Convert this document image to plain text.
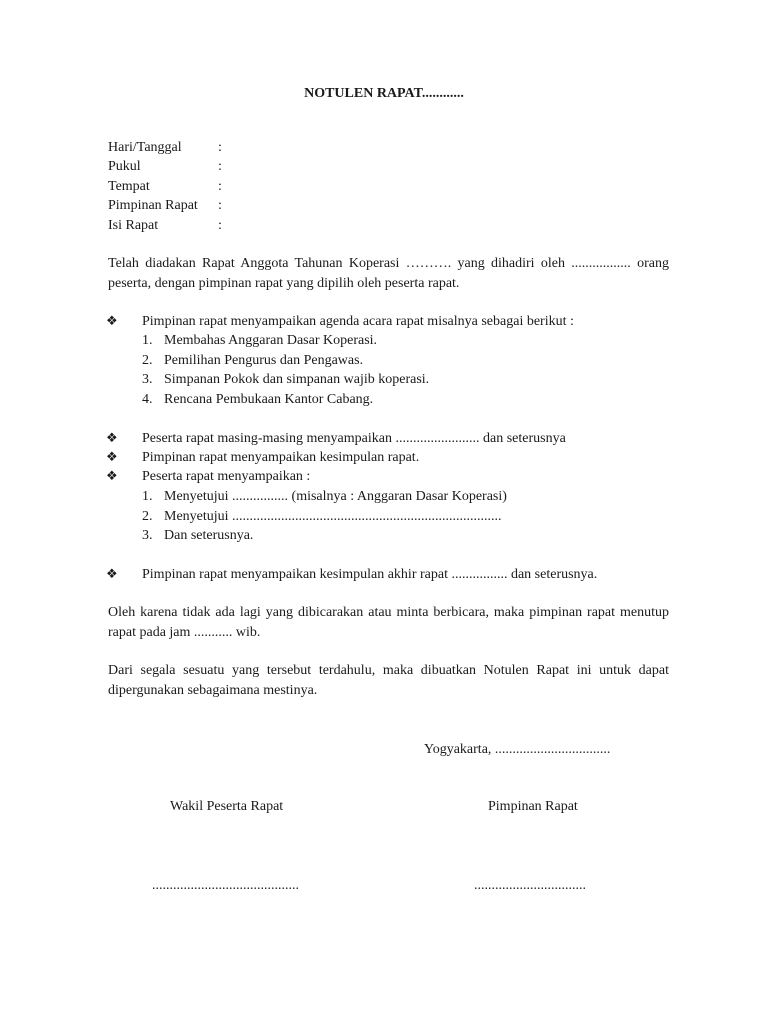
NOTULEN RAPAT............
Hari/Tanggal	:
Pukul	:
Tempat	:
Pimpinan Rapat :
Isi Rapat	:
Telah diadakan Rapat Anggota Tahunan Koperasi ………. yang dihadiri oleh ................. orang peserta, dengan pimpinan rapat yang dipilih oleh peserta rapat.
❖ Pimpinan rapat menyampaikan agenda acara rapat misalnya sebagai berikut :
1. Membahas Anggaran Dasar Koperasi.
2. Pemilihan Pengurus dan Pengawas.
3. Simpanan Pokok dan simpanan wajib koperasi.
4. Rencana Pembukaan Kantor Cabang.
❖ Peserta rapat masing-masing menyampaikan ........................ dan seterusnya
❖ Pimpinan rapat menyampaikan kesimpulan rapat.
❖ Peserta rapat menyampaikan :
1. Menyetujui ................ (misalnya : Anggaran Dasar Koperasi)
2. Menyetujui .............................................................................
3. Dan seterusnya.
❖ Pimpinan rapat menyampaikan kesimpulan akhir rapat ................ dan seterusnya.
Oleh karena tidak ada lagi yang dibicarakan atau minta berbicara, maka pimpinan rapat menutup rapat pada jam ........... wib.
Dari segala sesuatu yang tersebut terdahulu, maka dibuatkan Notulen Rapat ini untuk dapat dipergunakan sebagaimana mestinya.
Yogyakarta, .................................
Wakil Peserta Rapat	Pimpinan Rapat
..........................................	................................
